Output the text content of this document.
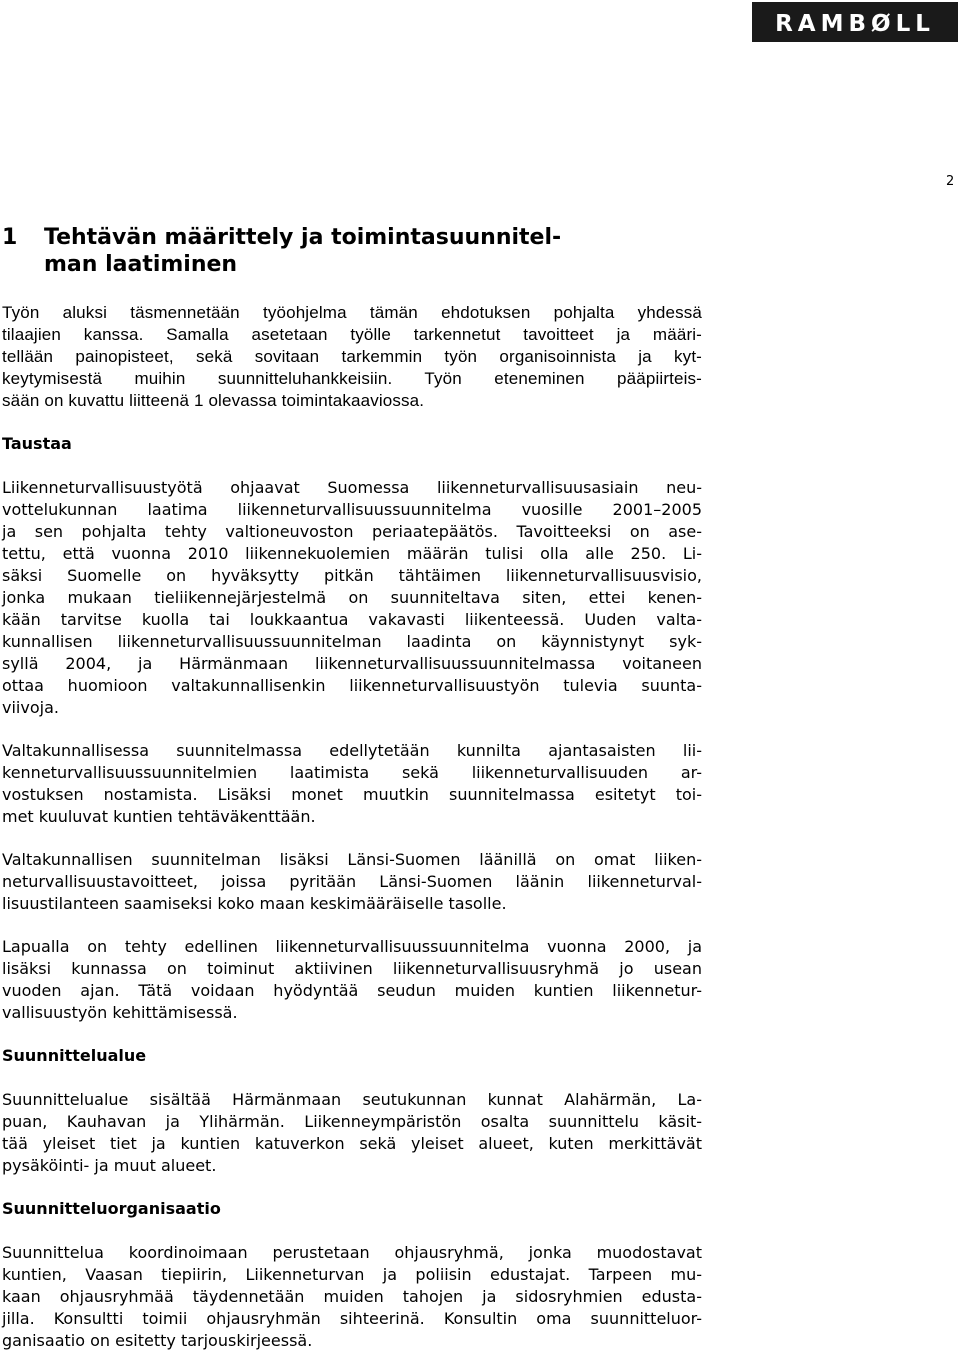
RAMBØLL
2
1 Tehtävän määrittely ja toimintasuunnitel-
man laatiminen
Työn aluksi täsmennetään työohjelma tämän ehdotuksen pohjalta yhdessä
tilaajien kanssa. Samalla asetetaan työlle tarkennetut tavoitteet ja määri-
tellään painopisteet, sekä sovitaan tarkemmin työn organisoinnista ja kyt-
keytymisestä muihin suunnitteluhankkeisiin. Työn eteneminen pääpiirteis-
sään on kuvattu liitteenä 1 olevassa toimintakaaviossa.
Taustaa
Liikenneturvallisuustyötä ohjaavat Suomessa liikenneturvallisuusasiain neu-
vottelukunnan laatima liikenneturvallisuussuunnitelma vuosille 2001–2005
ja sen pohjalta tehty valtioneuvoston periaatepäätös. Tavoitteeksi on ase-
tettu, että vuonna 2010 liikennekuolemien määrän tulisi olla alle 250. Li-
säksi Suomelle on hyväksytty pitkän tähtäimen liikenneturvallisuusvisio,
jonka mukaan tieliikennejärjestelmä on suunniteltava siten, ettei kenen-
kään tarvitse kuolla tai loukkaantua vakavasti liikenteessä. Uuden valta-
kunnallisen liikenneturvallisuussuunnitelman laadinta on käynnistynyt syk-
syllä 2004, ja Härmänmaan liikenneturvallisuussuunnitelmassa voitaneen
ottaa huomioon valtakunnallisenkin liikenneturvallisuustyön tulevia suunta-
viivoja.
Valtakunnallisessa suunnitelmassa edellytetään kunnilta ajantasaisten lii-
kenneturvallisuussuunnitelmien laatimista sekä liikenneturvallisuuden ar-
vostuksen nostamista. Lisäksi monet muutkin suunnitelmassa esitetyt toi-
met kuuluvat kuntien tehtäväkenttään.
Valtakunnallisen suunnitelman lisäksi Länsi-Suomen läänillä on omat liiken-
neturvallisuustavoitteet, joissa pyritään Länsi-Suomen läänin liikenneturval-
lisuustilanteen saamiseksi koko maan keskimääräiselle tasolle.
Lapualla on tehty edellinen liikenneturvallisuussuunnitelma vuonna 2000, ja
lisäksi kunnassa on toiminut aktiivinen liikenneturvallisuusryhmä jo usean
vuoden ajan. Tätä voidaan hyödyntää seudun muiden kuntien liikennetur-
vallisuustyön kehittämisessä.
Suunnittelualue
Suunnittelualue sisältää Härmänmaan seutukunnan kunnat Alahärmän, La-
puan, Kauhavan ja Ylihärmän. Liikenneympäristön osalta suunnittelu käsit-
tää yleiset tiet ja kuntien katuverkon sekä yleiset alueet, kuten merkittävät
pysäköinti- ja muut alueet.
Suunnitteluorganisaatio
Suunnittelua koordinoimaan perustetaan ohjausryhmä, jonka muodostavat
kuntien, Vaasan tiepiirin, Liikenneturvan ja poliisin edustajat. Tarpeen mu-
kaan ohjausryhmää täydennetään muiden tahojen ja sidosryhmien edusta-
jilla. Konsultti toimii ohjausryhmän sihteerinä. Konsultin oma suunnitteluor-
ganisaatio on esitetty tarjouskirjeessä.
